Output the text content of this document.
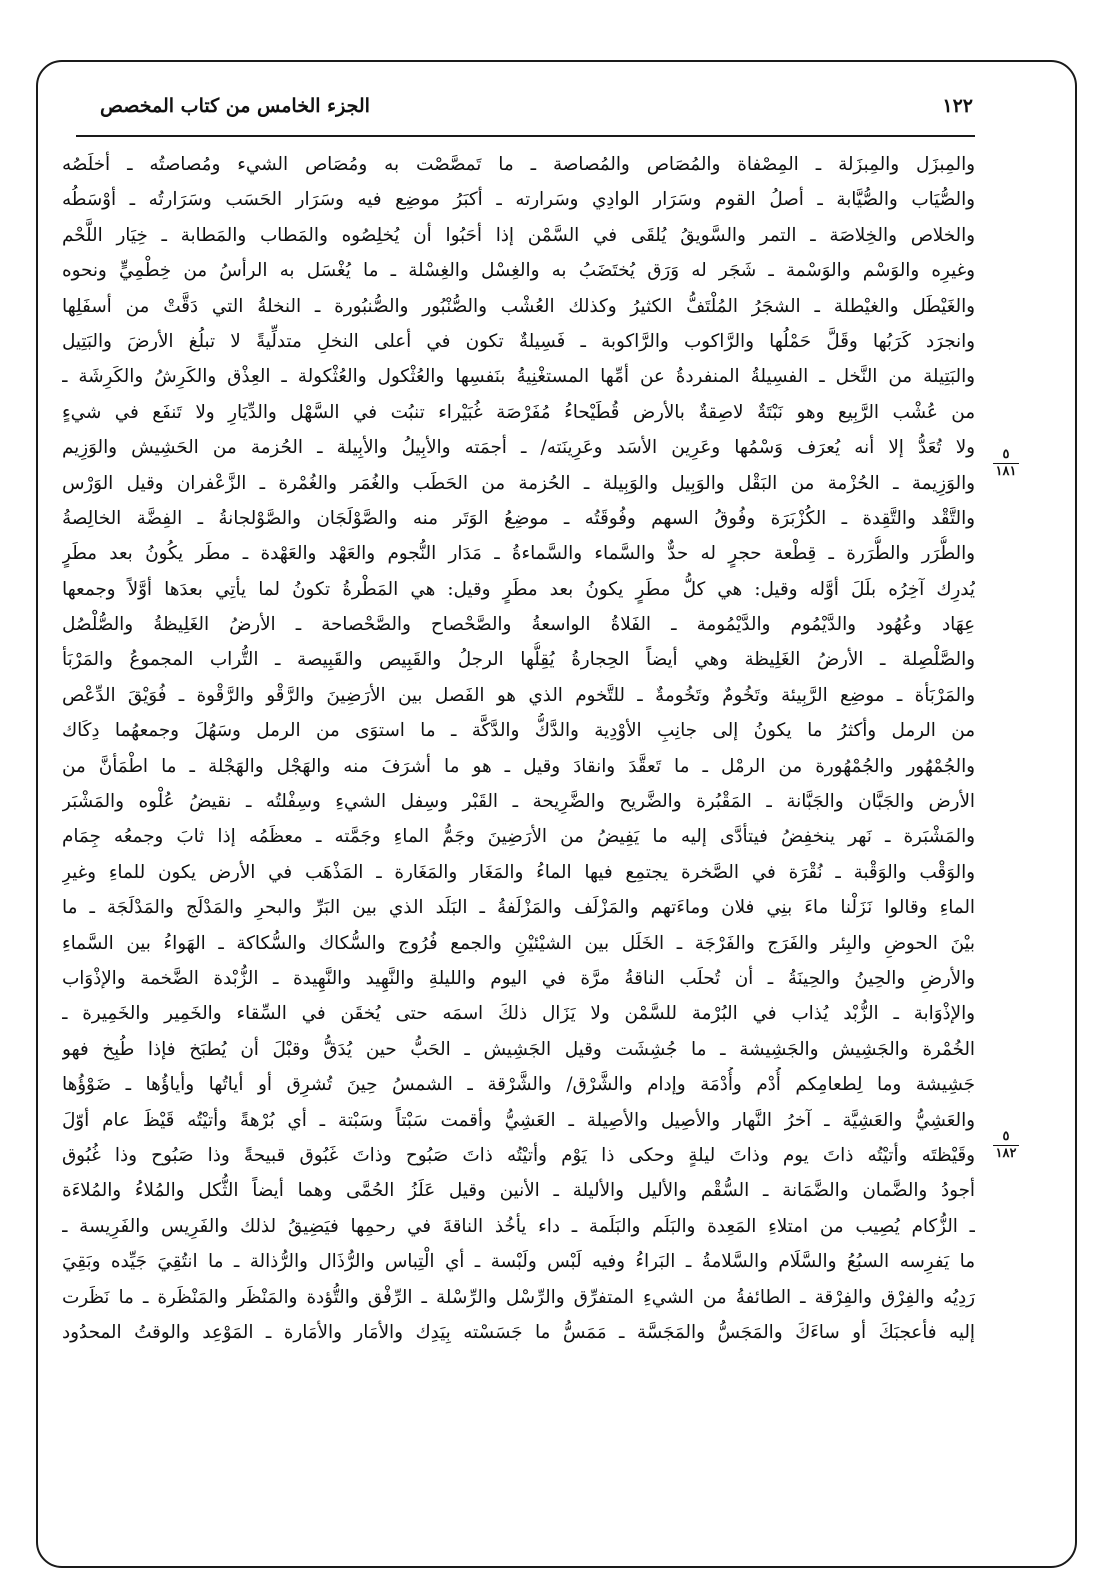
١٢٢
الجزء الخامس من كتاب المخصص
والمِبزَل والمِبزَلة ـ المِصْفاة والمُصَاص والمُصاصة ـ ما تَمصَّصْت به ومُصَاص الشيء ومُصاصتُه ـ أخلَصُه
والصُّيَاب والصُّيَّابة ـ أصلُ القوم وسَرَار الوادِي وسَرارته ـ أكبَرُ موضِع فيه وسَرَار الحَسَب وسَرَارتُه ـ أوْسَطُه
والخلاص والخِلاصَة ـ التمر والسَّويقُ يُلقَى في السَّمْن إذا أحَبُوا أن يُخلِصُوه والمَطاب والمَطابة ـ خِيَار اللَّحْم
وغيرِه والوَسْم والوَسْمة ـ شَجَر له وَرَق يُختَضَبُ به والغِسْل والغِسْلة ـ ما يُغْسَل به الرأسُ من خِطْمِيٍّ ونحوه
والغَيْطَل والغيْطلة ـ الشجَرُ المُلْتَفُّ الكثيرُ وكذلك العُشْب والصُّنْبُور والصُّنبُورة ـ النخلةُ التي دَقَّتْ من أسفَلِها
وانجرَد كَرَبُها وقَلَّ حَمْلُها والرَّاكوب والرَّاكوبة ـ فَسِيلةٌ تكون في أعلى النخلِ متدلِّيةً لا تبلُغ الأرضَ والبَتِيل
والبَتِيلة من النَّخل ـ الفسِيلةُ المنفردةُ عن أمِّها المستغْنِيةُ بنَفسِها والعُثْكول والعُثْكولة ـ العِذْق والكَرِشُ والكَرِشَة ـ
من عُشْب الرَّبِيع وهو نَبْتَةٌ لاصِقةٌ بالأرض قُطَيْحاءُ مُفَرْصَة غُبَيْراء تنبُت في السَّهْل والدِّيَارِ ولا تَنفَع في شيءٍ
ولا تُعَدُّ إلا أنه يُعرَف وَسْمُها وعَرِين الأسَد وعَرِينَته/ ـ أجمَته والأبِيلُ والأبِيلة ـ الحُزمة من الحَشِيش والوَزِيم
والوَزِيمة ـ الحُزْمة من البَقْل والوَبِيل والوَبِيلة ـ الحُزمة من الحَطَب والغُمَر والغُمْرة ـ الزَّعْفران وقيل الوَرْس
والتَّقْد والتَّقِدة ـ الكُزْبَرَة وفُوقُ السهم وفُوقَتُه ـ موضِعُ الوَتَر منه والصَّوْلَجَان والصَّوْلجانةُ ـ الفِضَّة الخالِصةُ
والطُّرَر والطُّرَرة ـ قِطْعة حجرٍ له حدٌّ والسَّماء والسَّماءةُ ـ مَدَار النُّجوم والعَهْد والعَهْدة ـ مطَر يكُونُ بعد مطَرٍ
يُدرِك آخِرُه بلَلَ أوَّله وقيل: هي كلُّ مطَرٍ يكونُ بعد مطَرٍ وقيل: هي المَطْرةُ تكونُ لما يأتِي بعدَها أوَّلاً وجمعها
عِهَاد وعُهُود والدَّيْمُوم والدَّيْمُومة ـ الفَلاةُ الواسعةُ والصَّحْصاح والصَّحْصاحة ـ الأرضُ الغَلِيظةُ والصُّلْصُل
والصَّلْصِلة ـ الأرضُ الغَلِيظة وهي أيضاً الحِجارةُ يُقِلُّها الرجلُ والقَبِيص والقَبِيصة ـ التُّراب المجموعُ والمَرْبَأ
والمَرْبَأة ـ موضِع الرَّبِيئة وتَخُومٌ وتَخُومةٌ ـ للتَّخوم الذي هو الفَصل بين الأرَضِينَ والرَّقْو والرَّقْوة ـ فُوَيْقَ الدِّعْص
من الرمل وأكثرُ ما يكونُ إلى جانِبِ الأوْدِية والدَّكُّ والدَّكَّة ـ ما استوَى من الرمل وسَهُلَ وجمعهُما دِكَاك
والجُمْهُور والجُمْهُورة من الرمْل ـ ما تَعقَّدَ وانقادَ وقيل ـ هو ما أشرَفَ منه والهَجْل والهَجْلة ـ ما اطْمَأنَّ من
الأرض والجَبَّان والجَبَّانة ـ المَقْبُرة والضَّريح والضَّرِيحة ـ القَبْر وسِفل الشيءِ وسِفْلتُه ـ نقيضُ عُلْوه والمَشْبَر
والمَشْبَرة ـ نَهر ينخفِضُ فيتأدَّى إليه ما يَفِيضُ من الأرَضِينَ وجَمُّ الماءِ وجَمَّته ـ معظَمُه إذا ثابَ وجمعُه جِمَام
والوَقْب والوَقْبة ـ نُقْرَة في الصَّخرة يجتمِع فيها الماءُ والمَغَار والمَغَارة ـ المَذْهَب في الأرض يكون للماءِ وغيرِ
الماءِ وقالوا نَزَلْنا ماءَ بنِي فلان وماءَتهم والمَزْلَف والمَزْلَفةُ ـ البَلَد الذي بين البَرِّ والبحرِ والمَدْلَج والمَدْلَجَة ـ ما
بيْنَ الحوضِ والبِئر والفَرَج والفَرْجَة ـ الخَلَل بين الشيْئيْنِ والجمع فُرُوج والسُّكاك والسُّكاكة ـ الهَواءُ بين السَّماءِ
والأرضِ والحِينُ والحِينَةُ ـ أن تُحلَب الناقةُ مرَّة في اليوم والليلةِ والنَّهِيد والنَّهِيدة ـ الزُّبْدة الضَّخمة والإذْوَاب
والإذْوَابة ـ الزُّبْد يُذاب في البُرْمة للسَّمْن ولا يَزَال ذلكَ اسمَه حتى يُخقَن في السِّقاء والخَمِير والخَمِيرة ـ
الخُمْرة والجَشِيش والجَشِيشة ـ ما جُشِشَت وقيل الجَشِيش ـ الحَبُّ حين يُدَقُّ وقبْلَ أن يُطبَخ فإذا طُبِخ فهو
جَشِيشة وما لِطعامِكم أُدْم وأُدْمَة وإدام والشَّرْق/ والشَّرْقة ـ الشمسُ حِينَ تُشرِق أو أياتُها وأياؤُها ـ ضَوْؤُها
والعَشِيُّ والعَشِيَّة ـ آخرُ النَّهار والأصِيل والأصِيلة ـ العَشِيُّ وأقمت سَبْتاً وسَبْتة ـ أي بُرْهةً وأتيْتُه قَيْظَ عام أوّلَ
وقَيْظتَه وأتيْتُه ذاتَ يوم وذاتَ ليلةٍ وحكى ذا يَوْم وأتيْتُه ذاتَ صَبُوح وذاتَ غَبُوق قبيحةً وذا صَبُوح وذا غُبُوق
أجودُ والضَّمان والضَّمَانة ـ السُّقْم والأليل والأليلة ـ الأنين وقيل عَلَزُ الحُمَّى وهما أيضاً الثُّكل والمُلاءُ والمُلاءَة
ـ الزُّكام يُصِيب من امتلاءِ المَعِدة والبَلَم والبَلَمة ـ داء يأخُذ الناقةَ في رحمِها فيَضِيقُ لذلك والفَرِيس والفَرِيسة ـ
ما يَفرِسه السبُعُ والسَّلَام والسَّلامةُ ـ البَراءُ وفيه لَبْس ولَبْسة ـ أي الْتِباس والرُّذَال والرُّذالة ـ ما انتُقِيَ جَيِّده وبَقِيَ
رَدِيُه والفِرْق والفِرْقة ـ الطائفةُ من الشيءِ المتفرِّق والرِّسْل والرِّسْلة ـ الرِّفْق والتُّؤدة والمَنْظَر والمَنْظَرة ـ ما نَظَرت
إليه فأعجبَكَ أو ساءَكَ والمَجَسُّ والمَجَسَّة ـ مَمَسُّ ما جَسَسْته بِيَدِك والأمَار والأمَارة ـ المَوْعِد والوقتُ المحدُود
٥
١٨١
٥
١٨٢
